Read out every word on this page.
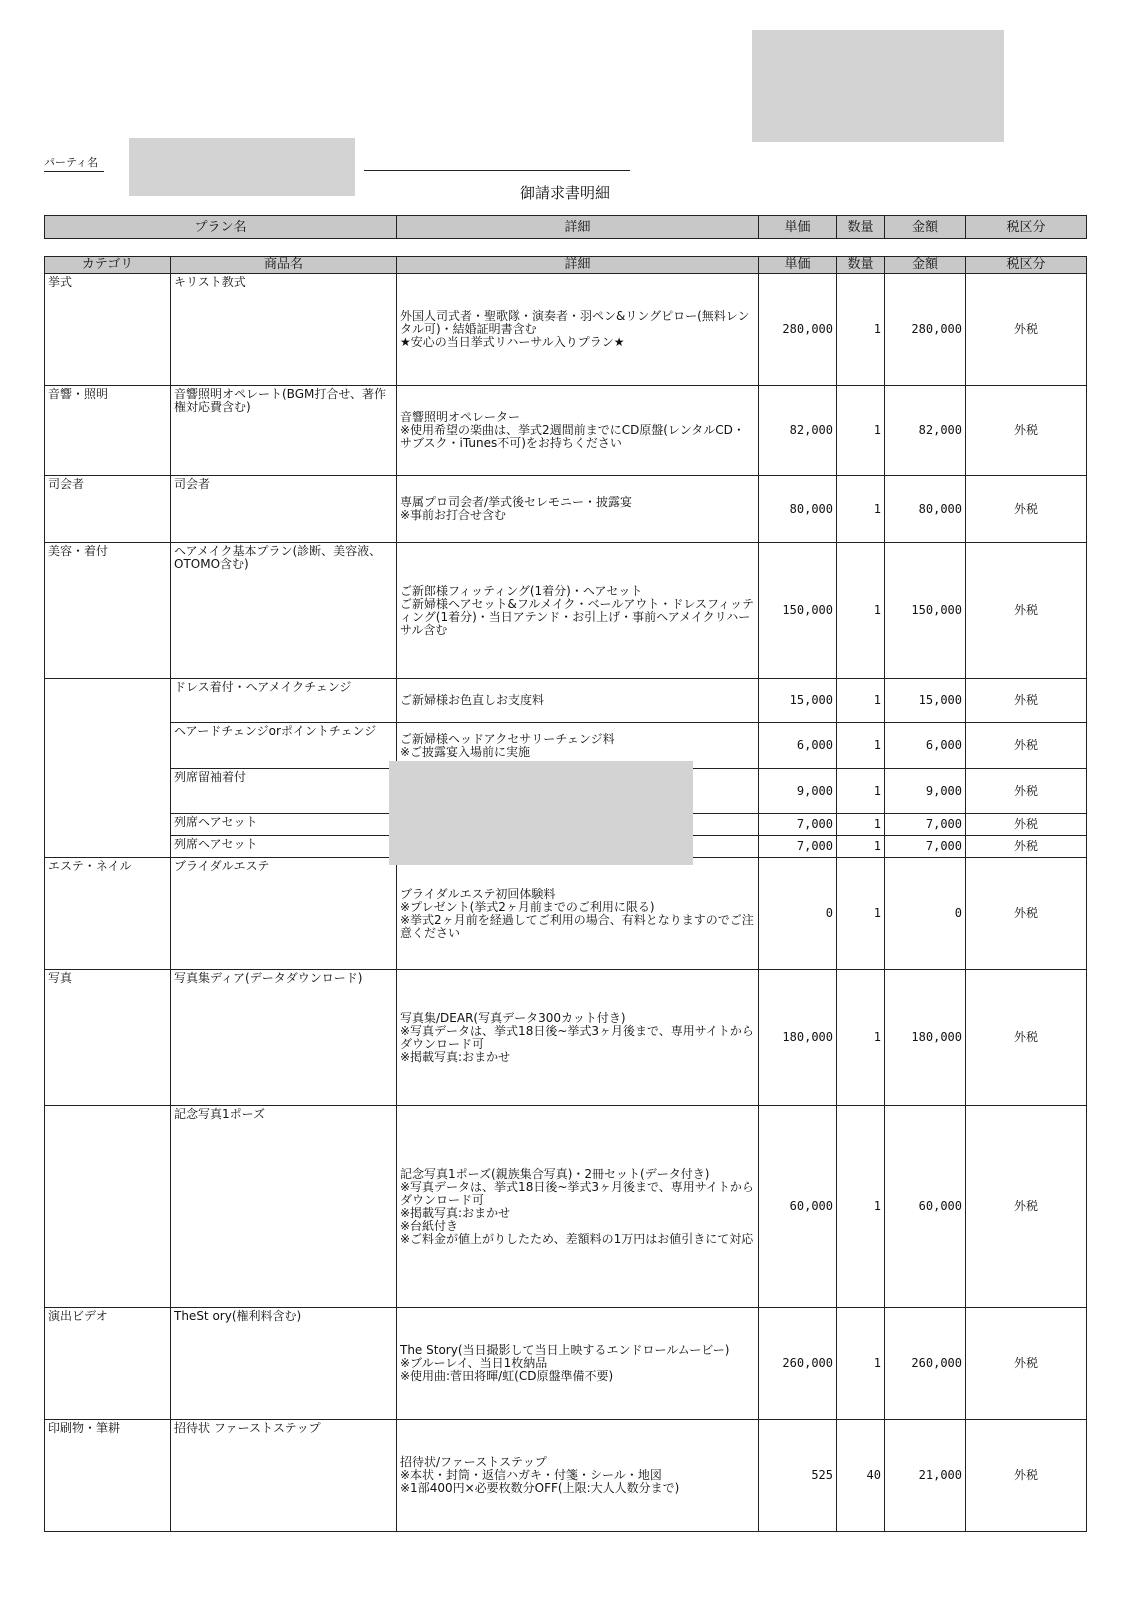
パーティ名
御請求書明細
プラン名	詳細	単価	数量	金額	税区分
カテゴリ	商品名	詳細	単価	数量	金額	税区分
挙式	キリスト教式	外国人司式者・聖歌隊・演奏者・羽ペン&リングピロー(無料レンタル可)・結婚証明書含む
★安心の当日挙式リハーサル入りプラン★	280,000	1	280,000	外税
音響・照明	音響照明オペレート(BGM打合せ、著作権対応費含む)	音響照明オペレーター
※使用希望の楽曲は、挙式2週間前までにCD原盤(レンタルCD・サブスク・iTunes不可)をお持ちください	82,000	1	82,000	外税
司会者	司会者	専属プロ司会者/挙式後セレモニー・披露宴
※事前お打合せ含む	80,000	1	80,000	外税
美容・着付	ヘアメイク基本プラン(診断、美容液、OTOMO含む)	ご新郎様フィッティング(1着分)・ヘアセット
ご新婦様ヘアセット&フルメイク・ベールアウト・ドレスフィッティング(1着分)・当日アテンド・お引上げ・事前ヘアメイクリハーサル含む	150,000	1	150,000	外税
	ドレス着付・ヘアメイクチェンジ	ご新婦様お色直しお支度料	15,000	1	15,000	外税
	ヘアードチェンジorポイントチェンジ	ご新婦様ヘッドアクセサリーチェンジ料
※ご披露宴入場前に実施	6,000	1	6,000	外税
	列席留袖着付		9,000	1	9,000	外税
	列席ヘアセット		7,000	1	7,000	外税
	列席ヘアセット		7,000	1	7,000	外税
エステ・ネイル	ブライダルエステ	ブライダルエステ初回体験料
※プレゼント(挙式2ヶ月前までのご利用に限る)
※挙式2ヶ月前を経過してご利用の場合、有料となりますのでご注意ください	0	1	0	外税
写真	写真集ディア(データダウンロード)	写真集/DEAR(写真データ300カット付き)
※写真データは、挙式18日後~挙式3ヶ月後まで、専用サイトからダウンロード可
※掲載写真:おまかせ	180,000	1	180,000	外税
	記念写真1ポーズ	記念写真1ポーズ(親族集合写真)・2冊セット(データ付き)
※写真データは、挙式18日後~挙式3ヶ月後まで、専用サイトからダウンロード可
※掲載写真:おまかせ
※台紙付き
※ご料金が値上がりしたため、差額料の1万円はお値引きにて対応	60,000	1	60,000	外税
演出ビデオ	TheSt ory(権利料含む)	The Story(当日撮影して当日上映するエンドロールムービー)
※ブルーレイ、当日1枚納品
※使用曲:菅田将暉/虹(CD原盤準備不要)	260,000	1	260,000	外税
印刷物・筆耕	招待状 ファーストステップ	招待状/ファーストステップ
※本状・封筒・返信ハガキ・付箋・シール・地図
※1部400円×必要枚数分OFF(上限:大人人数分まで)	525	40	21,000	外税
